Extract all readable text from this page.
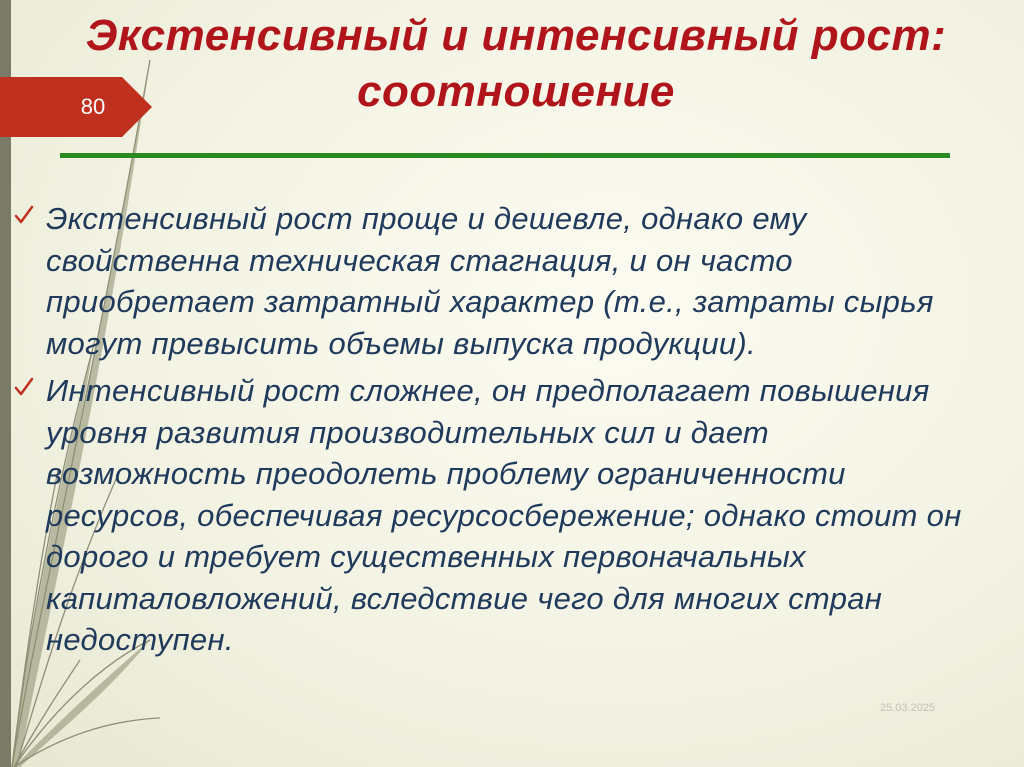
Экстенсивный и интенсивный рост:
соотношение
80
Экстенсивный рост проще и дешевле, однако ему свойственна техническая стагнация, и он часто приобретает затратный характер (т.е., затраты сырья могут превысить объемы выпуска продукции).
Интенсивный рост сложнее, он предполагает повышения уровня развития производительных сил и дает возможность преодолеть проблему ограниченности ресурсов, обеспечивая ресурсосбережение; однако стоит он дорого и требует существенных первоначальных капиталовложений, вследствие чего для многих стран недоступен.
25.03.2025
